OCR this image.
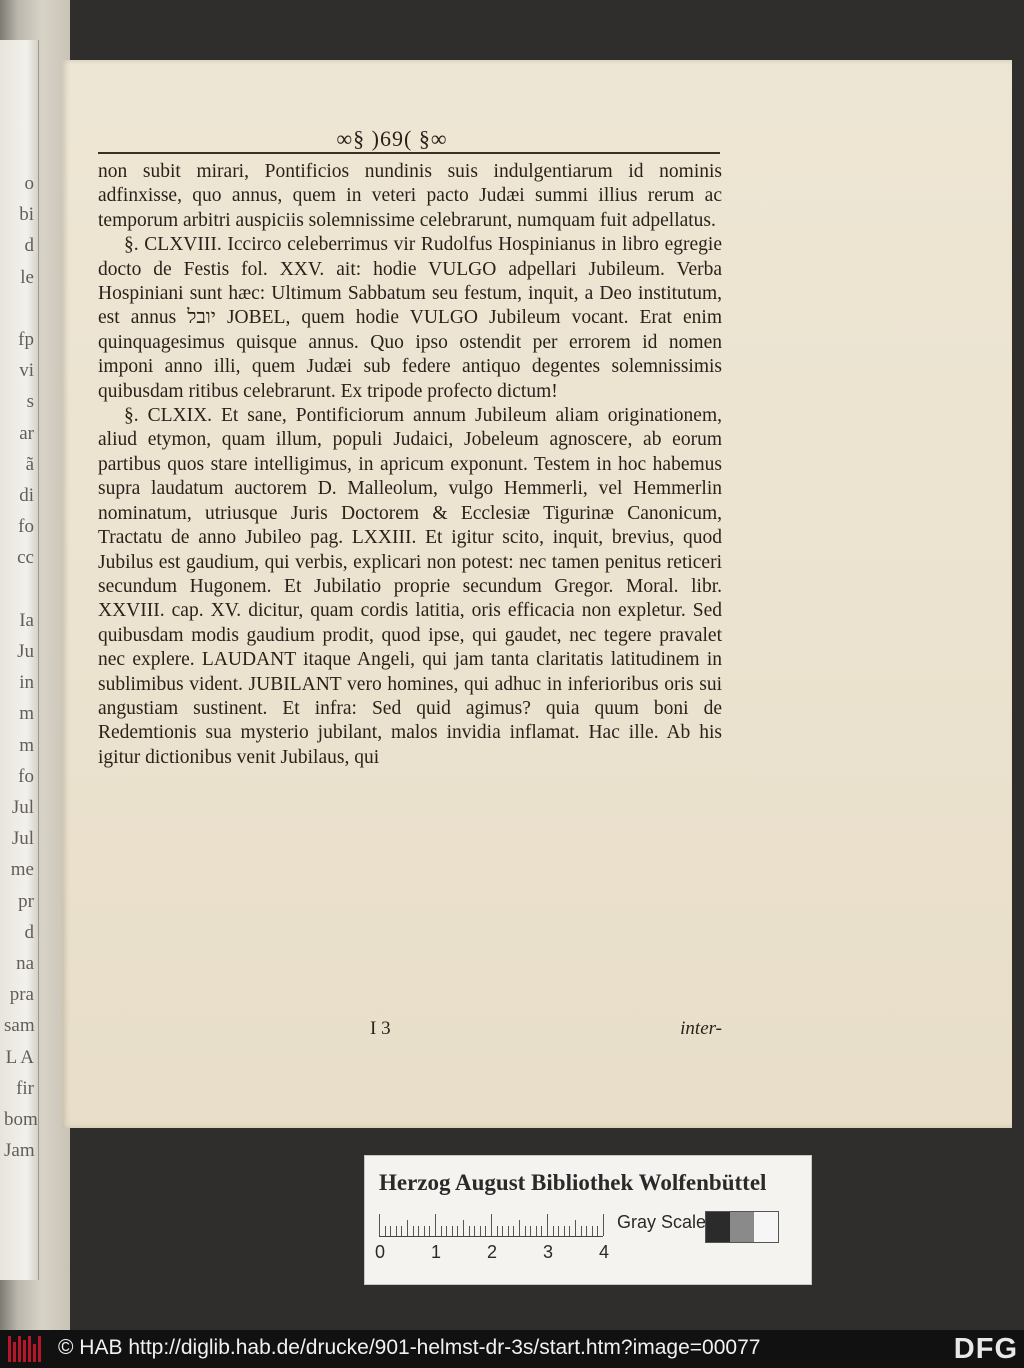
o
bi
d
le

fp
vi
s
ar
ã
di
fo
cc

Ia
Ju
in
m
m
fo
Jul
Jul
me
pr
d
na
pra
sam
L A
fir
bom
Jam
∞§ )69( §∞

non subit mirari, Pontificios nundinis suis indulgentiarum id nominis adfinxisse, quo annus, quem in veteri pacto Judæi summi illius rerum ac temporum arbitri auspiciis solemnissime celebrarunt, numquam fuit adpellatus.

§. CLXVIII. Iccirco celeberrimus vir Rudolfus Hospinianus in libro egregie docto de Festis fol. XXV. ait: hodie VULGO adpellari Jubileum. Verba Hospiniani sunt hæc: Ultimum Sabbatum seu festum, inquit, a Deo institutum, est annus יובל JOBEL, quem hodie VULGO Jubileum vocant. Erat enim quinquagesimus quisque annus. Quo ipso ostendit per errorem id nomen imponi anno illi, quem Judæi sub federe antiquo degentes solemnissimis quibusdam ritibus celebrarunt. Ex tripode profecto dictum!

§. CLXIX. Et sane, Pontificiorum annum Jubileum aliam originationem, aliud etymon, quam illum, populi Judaici, Jobeleum agnoscere, ab eorum partibus quos stare intelligimus, in apricum exponunt. Testem in hoc habemus supra laudatum auctorem D. Malleolum, vulgo Hemmerli, vel Hemmerlin nominatum, utriusque Juris Doctorem & Ecclesiæ Tigurinæ Canonicum, Tractatu de anno Jubileo pag. LXXIII. Et igitur scito, inquit, brevius, quod Jubilus est gaudium, qui verbis, explicari non potest: nec tamen penitus reticeri secundum Hugonem. Et Jubilatio proprie secundum Gregor. Moral. libr. XXVIII. cap. XV. dicitur, quam cordis latitia, oris efficacia non expletur. Sed quibusdam modis gaudium prodit, quod ipse, qui gaudet, nec tegere pravalet nec explere. LAUDANT itaque Angeli, qui jam tanta claritatis latitudinem in sublimibus vident. JUBILANT vero homines, qui adhuc in inferioribus oris sui angustiam sustinent. Et infra: Sed quid agimus? quia quum boni de Redemtionis sua mysterio jubilant, malos invidia inflamat. Hac ille. Ab his igitur dictionibus venit Jubilaus, qui

I 3	inter-
Herzog August Bibliothek Wolfenbüttel
0	1	2	3	4
Gray Scale
© HAB http://diglib.hab.de/drucke/901-helmst-dr-3s/start.htm?image=00077	DFG
